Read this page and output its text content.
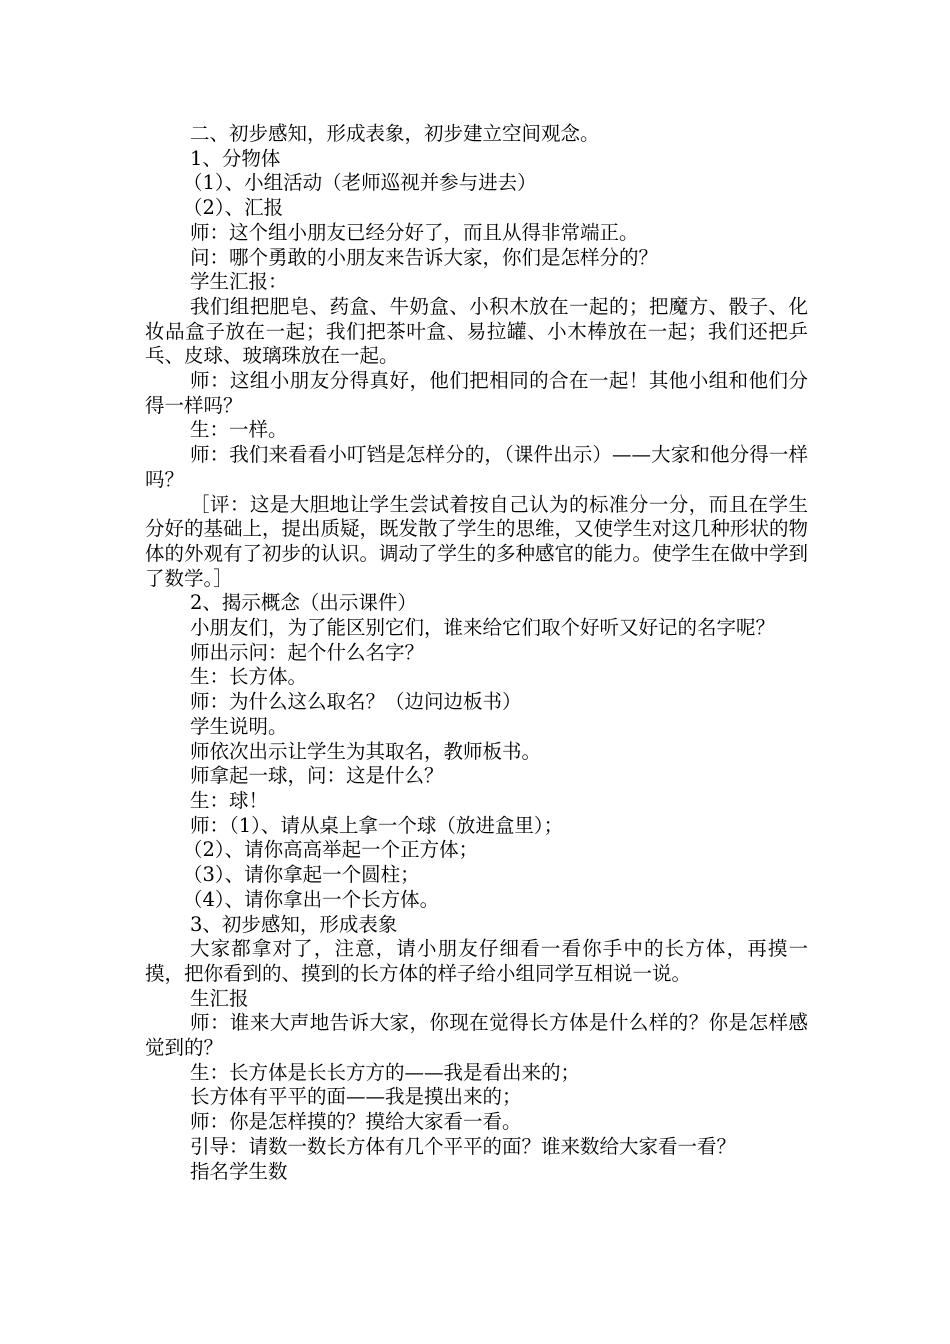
二、初步感知，形成表象，初步建立空间观念。

1、分物体

（1）、小组活动（老师巡视并参与进去）

（2）、汇报

师：这个组小朋友已经分好了，而且从得非常端正。

问：哪个勇敢的小朋友来告诉大家，你们是怎样分的？

学生汇报：

我们组把肥皂、药盒、牛奶盒、小积木放在一起的；把魔方、骰子、化妆品盒子放在一起；我们把茶叶盒、易拉罐、小木棒放在一起；我们还把乒乓、皮球、玻璃珠放在一起。

师：这组小朋友分得真好，他们把相同的合在一起！其他小组和他们分得一样吗？

生：一样。

师：我们来看看小叮铛是怎样分的，（课件出示）——大家和他分得一样吗？

［评：这是大胆地让学生尝试着按自己认为的标准分一分，而且在学生分好的基础上，提出质疑，既发散了学生的思维，又使学生对这几种形状的物体的外观有了初步的认识。调动了学生的多种感官的能力。使学生在做中学到了数学。］

2、揭示概念（出示课件）

小朋友们，为了能区别它们，谁来给它们取个好听又好记的名字呢？

师出示问：起个什么名字？

生：长方体。

师：为什么这么取名？（边问边板书）

学生说明。

师依次出示让学生为其取名，教师板书。

师拿起一球，问：这是什么？

生：球！

师：（1）、请从桌上拿一个球（放进盒里）；

（2）、请你高高举起一个正方体；

（3）、请你拿起一个圆柱；

（4）、请你拿出一个长方体。

3、初步感知，形成表象

大家都拿对了，注意，请小朋友仔细看一看你手中的长方体，再摸一摸，把你看到的、摸到的长方体的样子给小组同学互相说一说。

生汇报

师：谁来大声地告诉大家，你现在觉得长方体是什么样的？你是怎样感觉到的？

生：长方体是长长方方的——我是看出来的；

长方体有平平的面——我是摸出来的；

师：你是怎样摸的？摸给大家看一看。

引导：请数一数长方体有几个平平的面？谁来数给大家看一看？

指名学生数
